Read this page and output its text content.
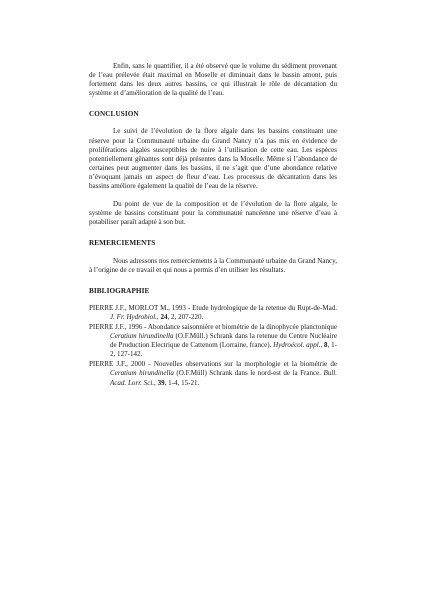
Enfin, sans le quantifier, il a été observé que le volume du sédiment provenant de l’eau prélevée était maximal en Moselle et diminuait dans le bassin amont, puis fortement dans les deux autres bassins, ce qui illustrait le rôle de décantation du système et d’amélioration de la qualité de l’eau.

CONCLUSION

Le suivi de l’évolution de la flore algale dans les bassins constituant une réserve pour la Communauté urbaine du Grand Nancy n’a pas mis en évidence de proliférations algales susceptibles de nuire à l’utilisation de cette eau. Les espèces potentiellement gênantes sont déjà présentes dans la Moselle. Même si l’abondance de certaines peut augmenter dans les bassins, il ne s’agit que d’une abondance relative n’évoquant jamais un aspect de fleur d’eau. Les processus de décantation dans les bassins améliore également la qualité de l’eau de la réserve.

Du point de vue de la composition et de l’évolution de la flore algale, le système de bassins constituant pour la communauté nancéenne une réserve d’eau à potabiliser paraît adapté à son but.

REMERCIEMENTS

Nous adressons nos remerciements à la Communauté urbaine du Grand Nancy, à l’origine de ce travail et qui nous a permis d’en utiliser les résultats.

BIBLIOGRAPHIE
PIERRE J.F., MORLOT M., 1993 - Etude hydrologique de la retenue du Rupt-de-Mad. J. Fr. Hydrobiol., 24, 2, 207-220.
PIERRE J.F., 1996 - Abondance saisonnière et biométrie de la dinophycée planctonique Ceratium hirundinella (O.F.Müll.) Schrank dans la retenue du Centre Nucléaire de Production Electrique de Cattenom (Lorraine, france). Hydroécol. appl., 8, 1-2, 127-142.
PIERRE J.F., 2000 - Nouvelles observations sur la morphologie et la biométrie de Ceratium hirundinella (O.F.Müll) Schrank dans le nord-est de la France. Bull. Acad. Lorr. Sci., 39, 1-4, 15-21.
